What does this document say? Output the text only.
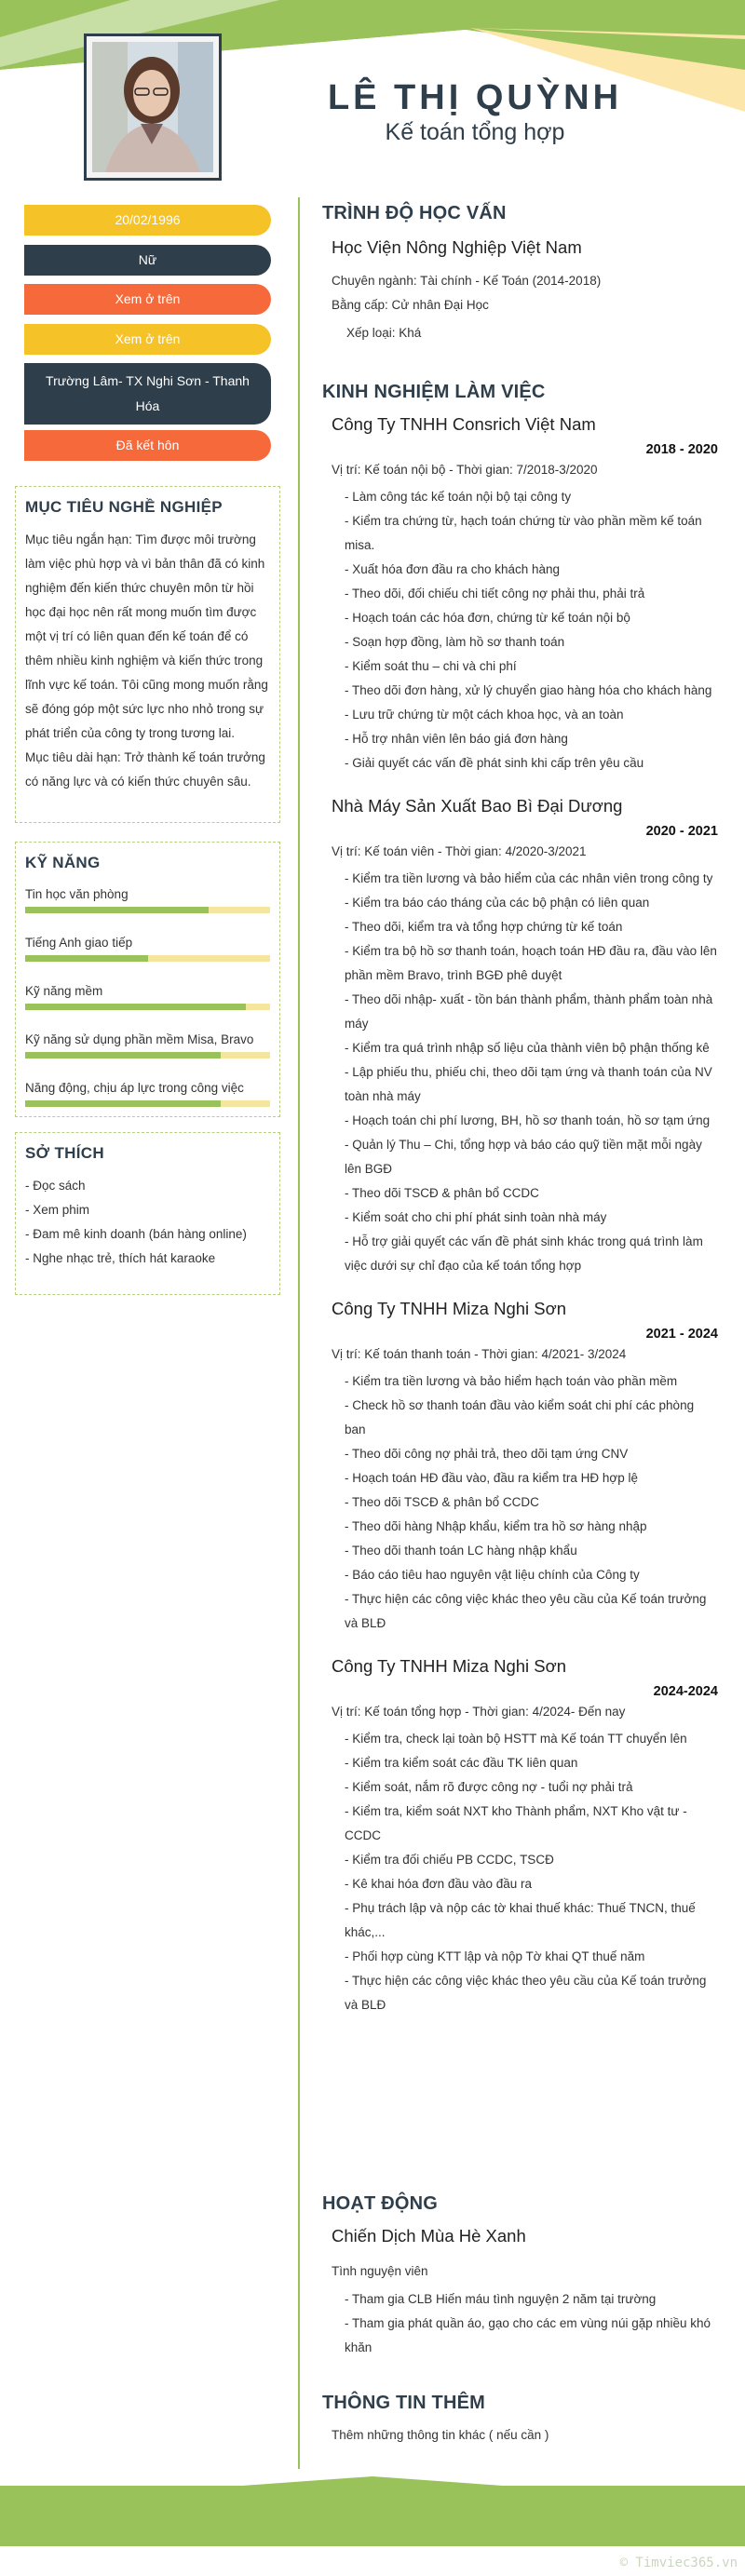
LÊ THỊ QUỲNH
Kế toán tổng hợp
20/02/1996
Nữ
Xem ở trên
Xem ở trên
Trường Lâm- TX Nghi Sơn - Thanh Hóa
Đã kết hôn
MỤC TIÊU NGHỀ NGHIỆP

Mục tiêu ngắn hạn: Tìm được môi trường làm việc phù hợp và vì bản thân đã có kinh nghiệm đến kiến thức chuyên môn từ hồi học đại học nên rất mong muốn tìm được một vị trí có liên quan đến kế toán để có thêm nhiều kinh nghiệm và kiến thức trong lĩnh vực kế toán. Tôi cũng mong muốn rằng sẽ đóng góp một sức lực nho nhỏ trong sự phát triển của công ty trong tương lai.

Mục tiêu dài hạn: Trở thành kế toán trưởng có năng lực và có kiến thức chuyên sâu.

KỸ NĂNG
Tin học văn phòng
Tiếng Anh giao tiếp
Kỹ năng mềm
Kỹ năng sử dụng phần mềm Misa, Bravo
Năng động, chịu áp lực trong công việc
SỞ THÍCH

- Đọc sách

- Xem phim

- Đam mê kinh doanh (bán hàng online)

- Nghe nhạc trẻ, thích hát karaoke

TRÌNH ĐỘ HỌC VẤN
Học Viện Nông Nghiệp Việt Nam
Chuyên ngành: Tài chính - Kế Toán (2014-2018)
Bằng cấp: Cử nhân Đại Học
Xếp loại: Khá
KINH NGHIỆM LÀM VIỆC
Công Ty TNHH Consrich Việt Nam
2018 - 2020
Vị trí: Kế toán nội bộ - Thời gian: 7/2018-3/2020
- Làm công tác kế toán nội bộ tại công ty
- Kiểm tra chứng từ, hạch toán chứng từ vào phần mềm kế toán misa.
- Xuất hóa đơn đầu ra cho khách hàng
- Theo dõi, đối chiếu chi tiết công nợ phải thu, phải trả
- Hoạch toán các hóa đơn, chứng từ kế toán nội bộ
- Soạn hợp đồng, làm hồ sơ thanh toán
- Kiểm soát thu – chi và chi phí
- Theo dõi đơn hàng, xử lý chuyển giao hàng hóa cho khách hàng
- Lưu trữ chứng từ một cách khoa học, và an toàn
- Hỗ trợ nhân viên lên báo giá đơn hàng
- Giải quyết các vấn đề phát sinh khi cấp trên yêu cầu
Nhà Máy Sản Xuất Bao Bì Đại Dương
2020 - 2021
Vị trí: Kế toán viên - Thời gian: 4/2020-3/2021
- Kiểm tra tiền lương và bảo hiểm của các nhân viên trong công ty
- Kiểm tra báo cáo tháng của các bộ phận có liên quan
- Theo dõi, kiểm tra và tổng hợp chứng từ kế toán
- Kiểm tra bộ hồ sơ thanh toán, hoạch toán HĐ đầu ra, đầu vào lên phần mềm Bravo, trình BGĐ phê duyệt
- Theo dõi nhập- xuất - tồn bán thành phẩm, thành phẩm toàn nhà máy
- Kiểm tra quá trình nhập số liệu của thành viên bộ phận thống kê
- Lập phiếu thu, phiếu chi, theo dõi tạm ứng và thanh toán của NV toàn nhà máy
- Hoạch toán chi phí lương, BH, hồ sơ thanh toán, hồ sơ tạm ứng
- Quản lý Thu – Chi, tổng hợp và báo cáo quỹ tiền mặt mỗi ngày lên BGĐ
- Theo dõi TSCĐ & phân bổ CCDC
- Kiểm soát cho chi phí phát sinh toàn nhà máy
- Hỗ trợ giải quyết các vấn đề phát sinh khác trong quá trình làm việc dưới sự chỉ đạo của kế toán tổng hợp
Công Ty TNHH Miza Nghi Sơn
2021 - 2024
Vị trí: Kế toán thanh toán - Thời gian: 4/2021- 3/2024
- Kiểm tra tiền lương và bảo hiểm hạch toán vào phần mềm
- Check hồ sơ thanh toán đầu vào kiểm soát chi phí các phòng ban
- Theo dõi công nợ phải trả, theo dõi tạm ứng CNV
- Hoạch toán HĐ đầu vào, đầu ra kiểm tra HĐ hợp lệ
- Theo dõi TSCĐ & phân bổ CCDC
- Theo dõi hàng Nhập khẩu, kiểm tra hồ sơ hàng nhập
- Theo dõi thanh toán LC hàng nhập khẩu
- Báo cáo tiêu hao nguyên vật liệu chính của Công ty
- Thực hiện các công việc khác theo yêu cầu của Kế toán trưởng và BLĐ
Công Ty TNHH Miza Nghi Sơn
2024-2024
Vị trí: Kế toán tổng hợp - Thời gian: 4/2024- Đến nay
- Kiểm tra, check lại toàn bộ HSTT mà Kế toán TT chuyển lên
- Kiểm tra kiểm soát các đầu TK liên quan
- Kiểm soát, nắm rõ được công nợ - tuổi nợ phải trả
- Kiểm tra, kiểm soát NXT kho Thành phẩm, NXT Kho vật tư - CCDC
- Kiểm tra đối chiếu PB CCDC, TSCĐ
- Kê khai hóa đơn đầu vào đầu ra
- Phụ trách lập và nộp các tờ khai thuế khác: Thuế TNCN, thuế khác,...
- Phối hợp cùng KTT lập và nộp Tờ khai QT thuế năm
- Thực hiện các công việc khác theo yêu cầu của Kế toán trưởng và BLĐ
HOẠT ĐỘNG
Chiến Dịch Mùa Hè Xanh
Tình nguyện viên
- Tham gia CLB Hiến máu tình nguyện 2 năm tại trường
- Tham gia phát quần áo, gạo cho các em vùng núi gặp nhiều khó khăn
THÔNG TIN THÊM
Thêm những thông tin khác ( nếu cần )
© Timviec365.vn
